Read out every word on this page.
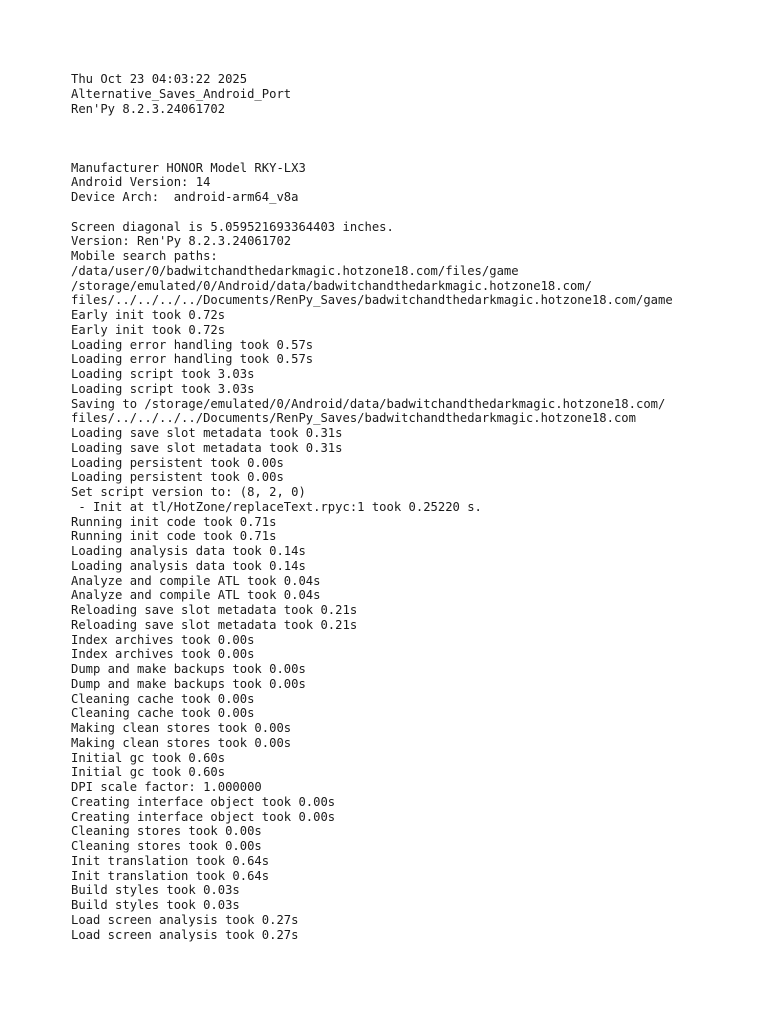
Thu Oct 23 04:03:22 2025
Alternative_Saves_Android_Port
Ren'Py 8.2.3.24061702
Manufacturer HONOR Model RKY-LX3
Android Version: 14
Device Arch:  android-arm64_v8a
Screen diagonal is 5.059521693364403 inches.
Version: Ren'Py 8.2.3.24061702
Mobile search paths:
/data/user/0/badwitchandthedarkmagic.hotzone18.com/files/game
/storage/emulated/0/Android/data/badwitchandthedarkmagic.hotzone18.com/
files/../../../../Documents/RenPy_Saves/badwitchandthedarkmagic.hotzone18.com/game
Early init took 0.72s
Early init took 0.72s
Loading error handling took 0.57s
Loading error handling took 0.57s
Loading script took 3.03s
Loading script took 3.03s
Saving to /storage/emulated/0/Android/data/badwitchandthedarkmagic.hotzone18.com/
files/../../../../Documents/RenPy_Saves/badwitchandthedarkmagic.hotzone18.com
Loading save slot metadata took 0.31s
Loading save slot metadata took 0.31s
Loading persistent took 0.00s
Loading persistent took 0.00s
Set script version to: (8, 2, 0)
- Init at tl/HotZone/replaceText.rpyc:1 took 0.25220 s.
Running init code took 0.71s
Running init code took 0.71s
Loading analysis data took 0.14s
Loading analysis data took 0.14s
Analyze and compile ATL took 0.04s
Analyze and compile ATL took 0.04s
Reloading save slot metadata took 0.21s
Reloading save slot metadata took 0.21s
Index archives took 0.00s
Index archives took 0.00s
Dump and make backups took 0.00s
Dump and make backups took 0.00s
Cleaning cache took 0.00s
Cleaning cache took 0.00s
Making clean stores took 0.00s
Making clean stores took 0.00s
Initial gc took 0.60s
Initial gc took 0.60s
DPI scale factor: 1.000000
Creating interface object took 0.00s
Creating interface object took 0.00s
Cleaning stores took 0.00s
Cleaning stores took 0.00s
Init translation took 0.64s
Init translation took 0.64s
Build styles took 0.03s
Build styles took 0.03s
Load screen analysis took 0.27s
Load screen analysis took 0.27s
